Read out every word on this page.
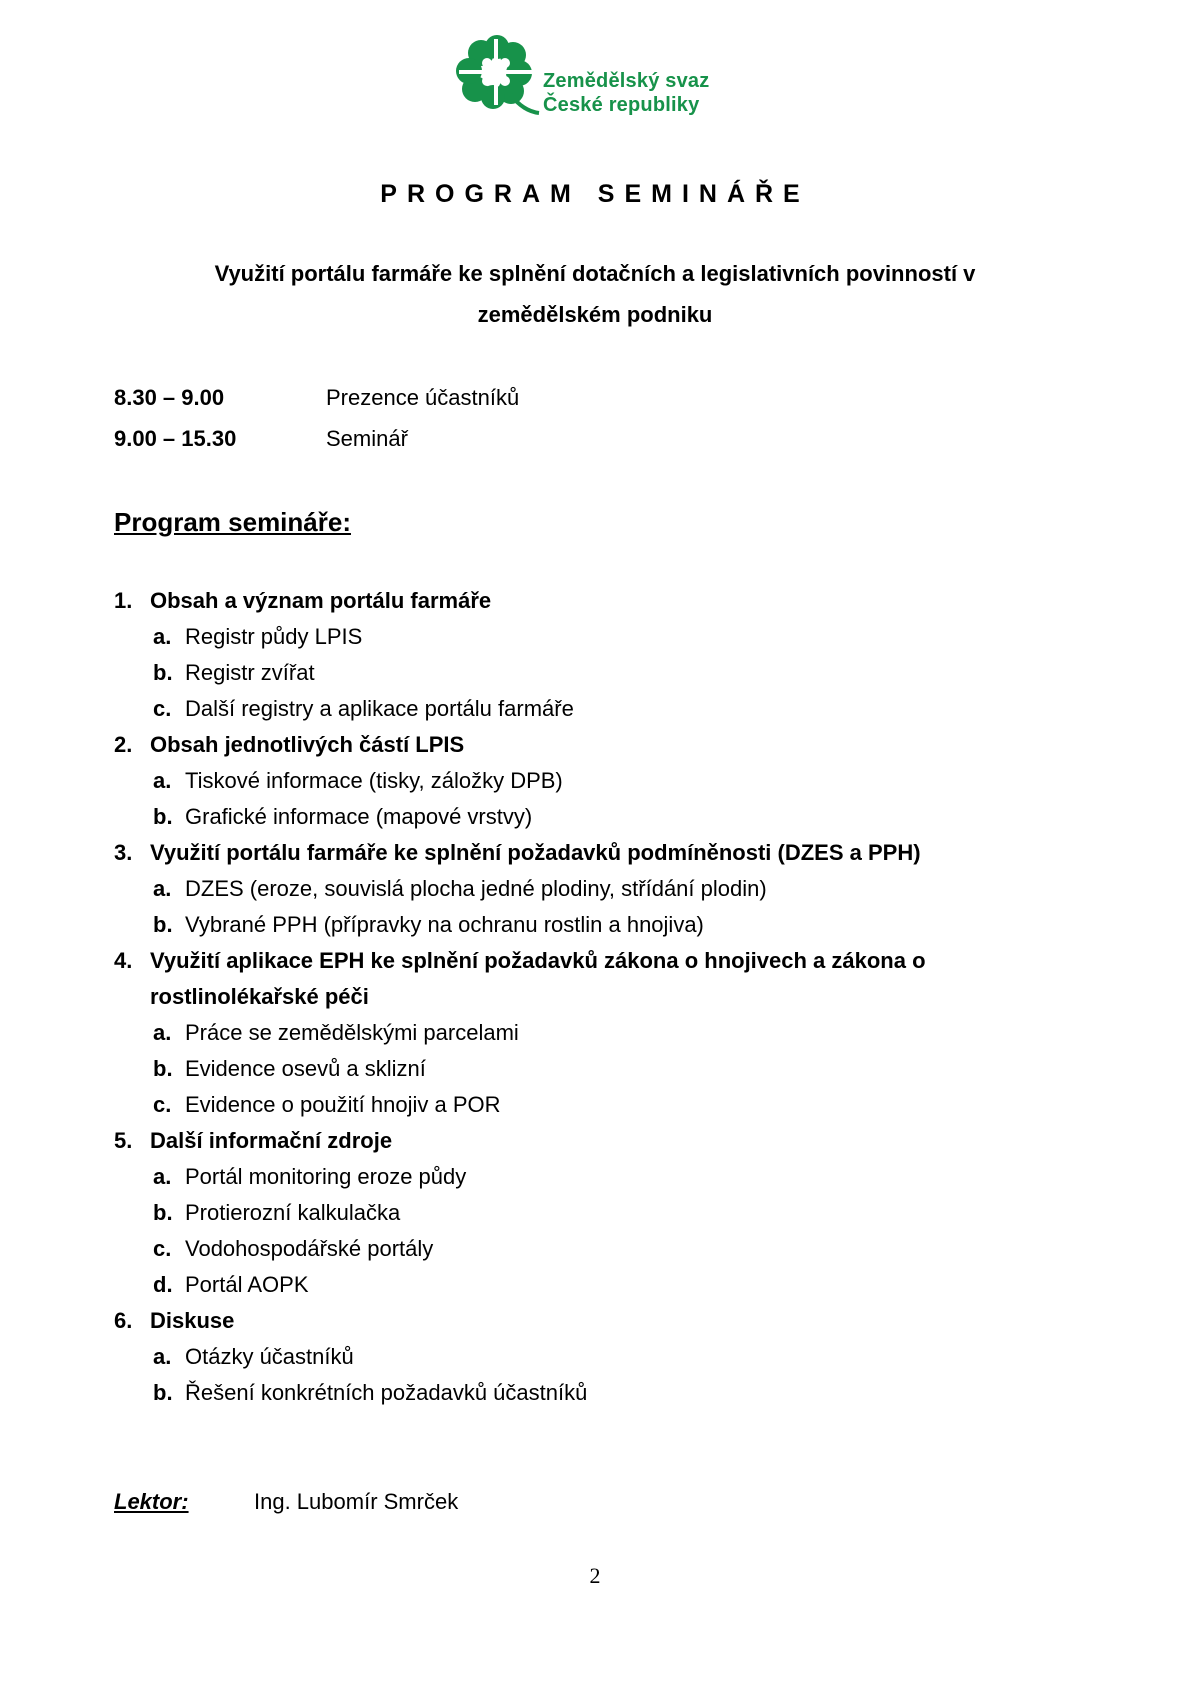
Zemědělský svaz
České republiky
PROGRAM SEMINÁŘE
Využití portálu farmáře ke splnění dotačních a legislativních povinností v zemědělském podniku
8.30 – 9.00	Prezence účastníků
9.00 – 15.30	Seminář
Program semináře:
1. Obsah a význam portálu farmáře
a. Registr půdy LPIS
b. Registr zvířat
c. Další registry a aplikace portálu farmáře
2. Obsah jednotlivých částí LPIS
a. Tiskové informace (tisky, záložky DPB)
b. Grafické informace (mapové vrstvy)
3. Využití portálu farmáře ke splnění požadavků podmíněnosti (DZES a PPH)
a. DZES (eroze, souvislá plocha jedné plodiny, střídání plodin)
b. Vybrané PPH (přípravky na ochranu rostlin a hnojiva)
4. Využití aplikace EPH ke splnění požadavků zákona o hnojivech a zákona o rostlinolékařské péči
a. Práce se zemědělskými parcelami
b. Evidence osevů a sklizní
c. Evidence o použití hnojiv a POR
5. Další informační zdroje
a. Portál monitoring eroze půdy
b. Protierozní kalkulačka
c. Vodohospodářské portály
d. Portál AOPK
6. Diskuse
a. Otázky účastníků
b. Řešení konkrétních požadavků účastníků
Lektor:	Ing. Lubomír Smrček
2
